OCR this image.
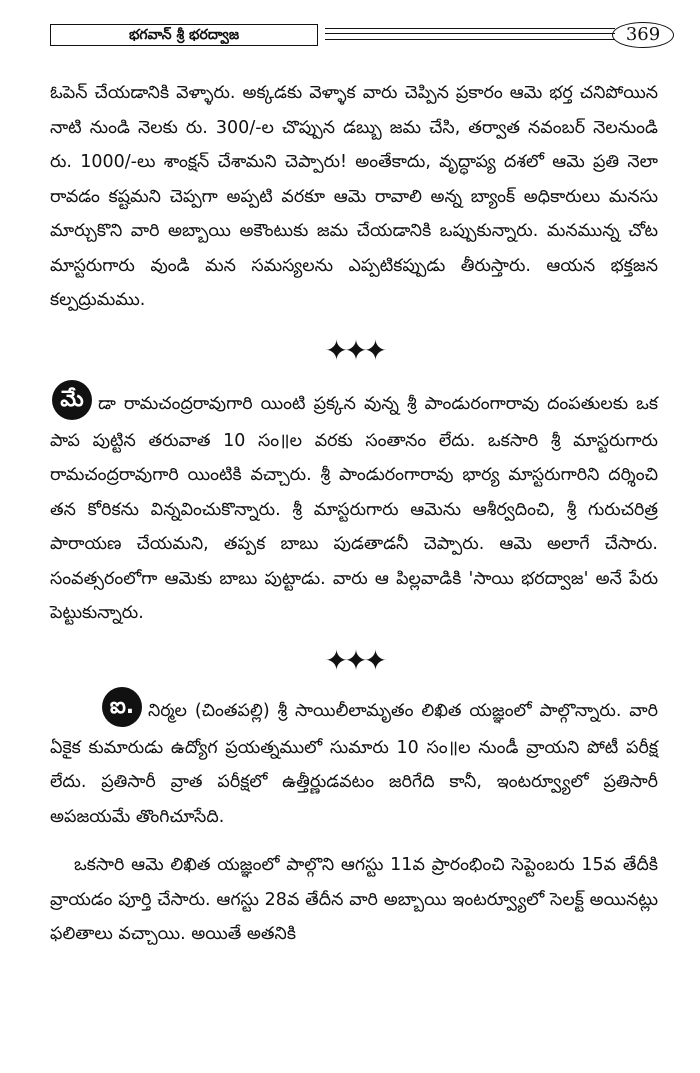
భగవాన్ శ్రీ భరద్వాజ	369

ఓపెన్ చేయడానికి వెళ్ళారు. అక్కడకు వెళ్ళాక వారు చెప్పిన ప్రకారం ఆమె భర్త చనిపోయిన నాటి నుండి నెలకు రు. 300/-ల చొప్పున డబ్బు జమ చేసి, తర్వాత నవంబర్ నెలనుండి రు. 1000/-లు శాంక్షన్ చేశామని చెప్పారు! అంతేకాదు, వృద్ధాప్య దశలో ఆమె ప్రతి నెలా రావడం కష్టమని చెప్పగా అప్పటి వరకూ ఆమె రావాలి అన్న బ్యాంక్ అధికారులు మనసు మార్చుకొని వారి అబ్బాయి అకౌంటుకు జమ చేయడానికి ఒప్పుకున్నారు. మనమున్న చోట మాస్టరుగారు వుండి మన సమస్యలను ఎప్పటికప్పుడు తీరుస్తారు. ఆయన భక్తజన కల్పద్రుమము.

✦✦✦

మే డా రామచంద్రరావుగారి యింటి ప్రక్కన వున్న శ్రీ పాండురంగారావు దంపతులకు ఒక పాప పుట్టిన తరువాత 10 సం॥ల వరకు సంతానం లేదు. ఒకసారి శ్రీ మాస్టరుగారు రామచంద్రరావుగారి యింటికి వచ్చారు. శ్రీ పాండురంగారావు భార్య మాస్టరుగారిని దర్శించి తన కోరికను విన్నవించుకొన్నారు. శ్రీ మాస్టరుగారు ఆమెను ఆశీర్వదించి, శ్రీ గురుచరిత్ర పారాయణ చేయమని, తప్పక బాబు పుడతాడనీ చెప్పారు. ఆమె అలాగే చేసారు. సంవత్సరంలోగా ఆమెకు బాబు పుట్టాడు. వారు ఆ పిల్లవాడికి 'సాయి భరద్వాజ' అనే పేరు పెట్టుకున్నారు.

✦✦✦

ఐ. నిర్మల (చింతపల్లి) శ్రీ సాయిలీలామృతం లిఖిత యజ్ఞంలో పాల్గొన్నారు. వారి ఏకైక కుమారుడు ఉద్యోగ ప్రయత్నములో సుమారు 10 సం॥ల నుండీ వ్రాయని పోటీ పరీక్ష లేదు. ప్రతిసారీ వ్రాత పరీక్షలో ఉత్తీర్ణుడవటం జరిగేది కానీ, ఇంటర్వ్యూలో ప్రతిసారీ అపజయమే తొంగిచూసేది.

ఒకసారి ఆమె లిఖిత యజ్ఞంలో పాల్గొని ఆగస్టు 11వ ప్రారంభించి సెప్టెంబరు 15వ తేదీకి వ్రాయడం పూర్తి చేసారు. ఆగస్టు 28వ తేదీన వారి అబ్బాయి ఇంటర్వ్యూలో సెలక్ట్ అయినట్లు ఫలితాలు వచ్చాయి. అయితే అతనికి
